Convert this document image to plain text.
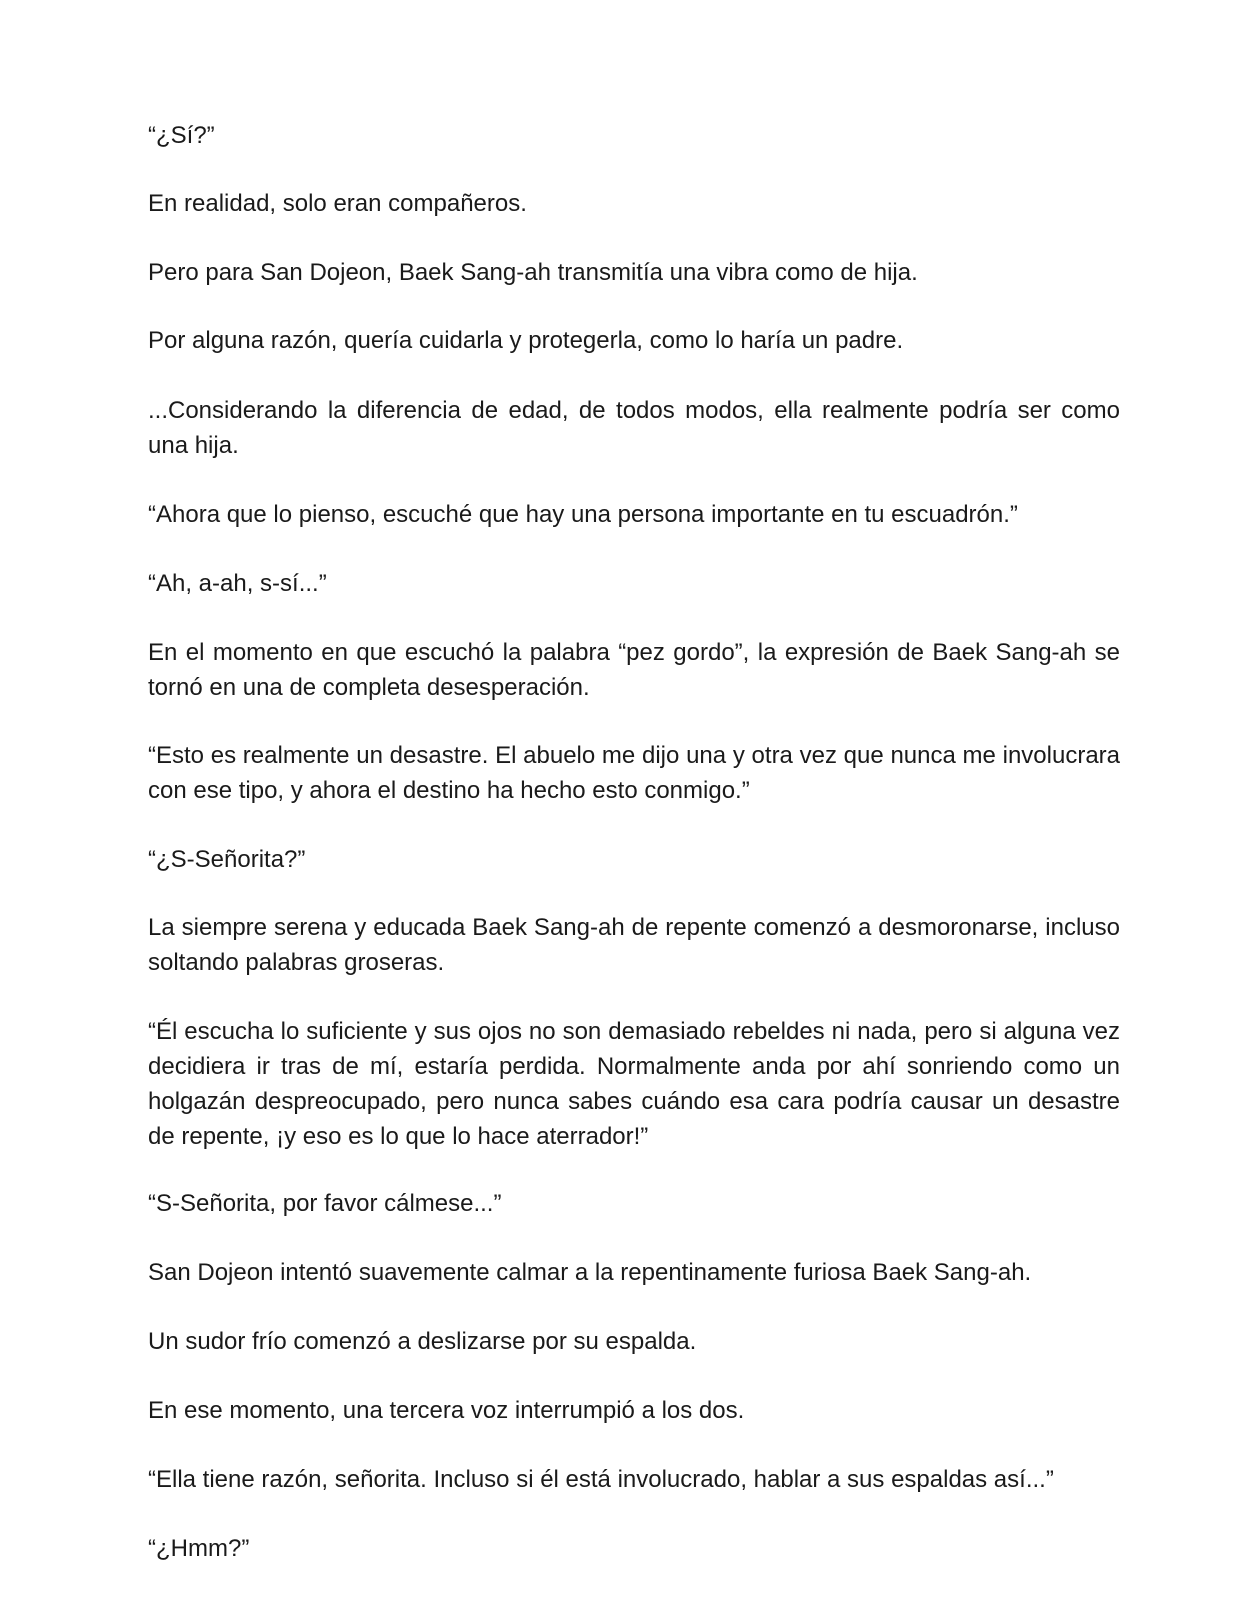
“¿Sí?”

En realidad, solo eran compañeros.

Pero para San Dojeon, Baek Sang-ah transmitía una vibra como de hija.

Por alguna razón, quería cuidarla y protegerla, como lo haría un padre.

...Considerando la diferencia de edad, de todos modos, ella realmente podría ser como una hija.

“Ahora que lo pienso, escuché que hay una persona importante en tu escuadrón.”

“Ah, a-ah, s-sí...”

En el momento en que escuchó la palabra “pez gordo”, la expresión de Baek Sang-ah se tornó en una de completa desesperación.

“Esto es realmente un desastre. El abuelo me dijo una y otra vez que nunca me involucrara con ese tipo, y ahora el destino ha hecho esto conmigo.”

“¿S-Señorita?”

La siempre serena y educada Baek Sang-ah de repente comenzó a desmoronarse, incluso soltando palabras groseras.

“Él escucha lo suficiente y sus ojos no son demasiado rebeldes ni nada, pero si alguna vez decidiera ir tras de mí, estaría perdida. Normalmente anda por ahí sonriendo como un holgazán despreocupado, pero nunca sabes cuándo esa cara podría causar un desastre de repente, ¡y eso es lo que lo hace aterrador!”

“S-Señorita, por favor cálmese...”

San Dojeon intentó suavemente calmar a la repentinamente furiosa Baek Sang-ah.

Un sudor frío comenzó a deslizarse por su espalda.

En ese momento, una tercera voz interrumpió a los dos.

“Ella tiene razón, señorita. Incluso si él está involucrado, hablar a sus espaldas así...”

“¿Hmm?”
